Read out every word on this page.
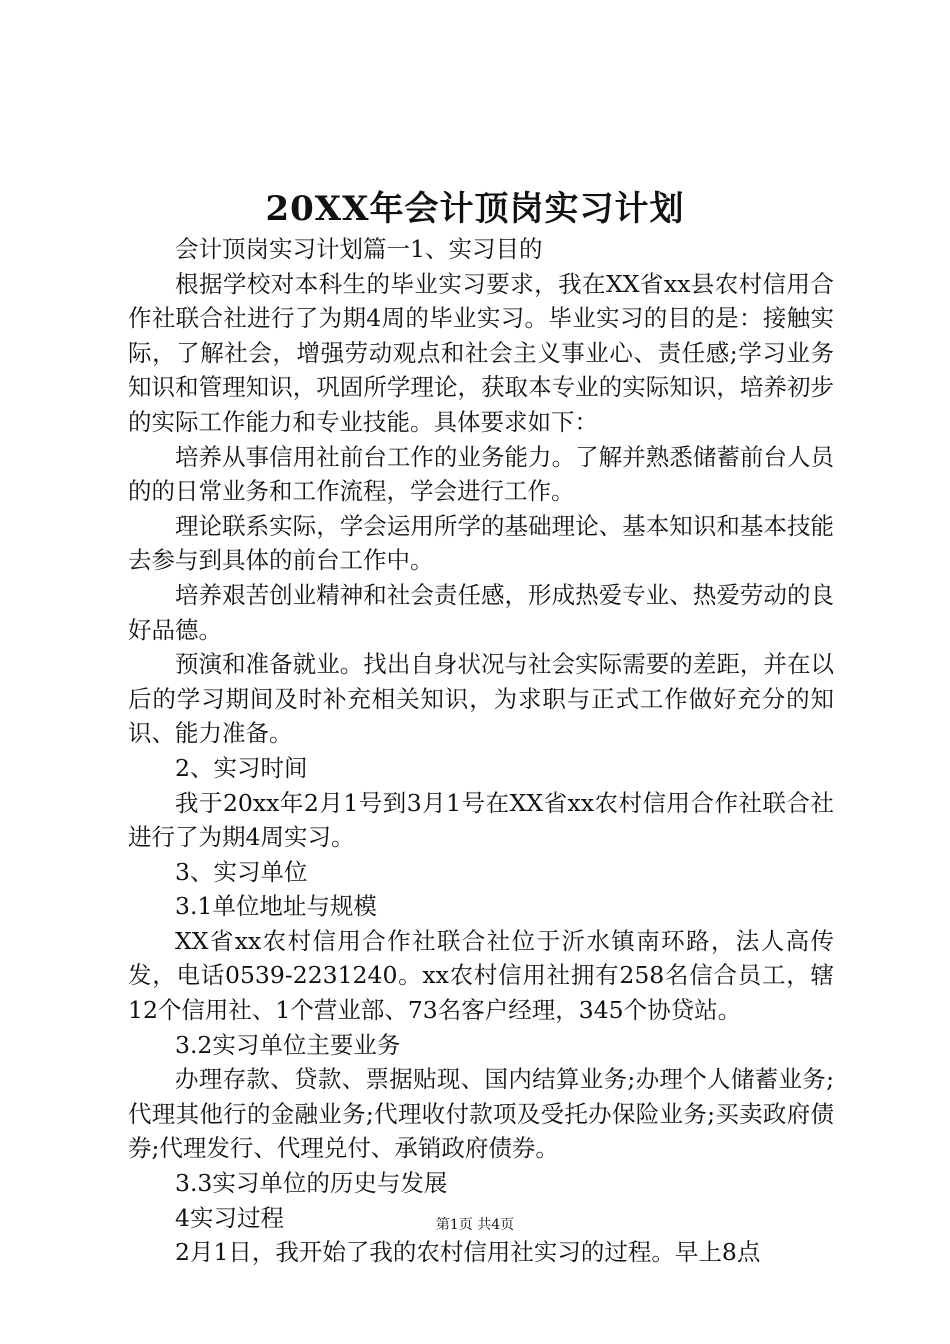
20XX年会计顶岗实习计划

会计顶岗实习计划篇一1、实习目的

根据学校对本科生的毕业实习要求，我在XX省xx县农村信用合作社联合社进行了为期4周的毕业实习。毕业实习的目的是：接触实际，了解社会，增强劳动观点和社会主义事业心、责任感;学习业务知识和管理知识，巩固所学理论，获取本专业的实际知识，培养初步的实际工作能力和专业技能。具体要求如下：

培养从事信用社前台工作的业务能力。了解并熟悉储蓄前台人员的的日常业务和工作流程，学会进行工作。

理论联系实际，学会运用所学的基础理论、基本知识和基本技能去参与到具体的前台工作中。

培养艰苦创业精神和社会责任感，形成热爱专业、热爱劳动的良好品德。

预演和准备就业。找出自身状况与社会实际需要的差距，并在以后的学习期间及时补充相关知识，为求职与正式工作做好充分的知识、能力准备。

2、实习时间

我于20xx年2月1号到3月1号在XX省xx农村信用合作社联合社进行了为期4周实习。

3、实习单位

3.1单位地址与规模

XX省xx农村信用合作社联合社位于沂水镇南环路，法人高传发，电话0539-2231240。xx农村信用社拥有258名信合员工，辖12个信用社、1个营业部、73名客户经理，345个协贷站。

3.2实习单位主要业务

办理存款、贷款、票据贴现、国内结算业务;办理个人储蓄业务;代理其他行的金融业务;代理收付款项及受托办保险业务;买卖政府债券;代理发行、代理兑付、承销政府债券。

3.3实习单位的历史与发展

4实习过程

2月1日，我开始了我的农村信用社实习的过程。早上8点

第1页 共4页
